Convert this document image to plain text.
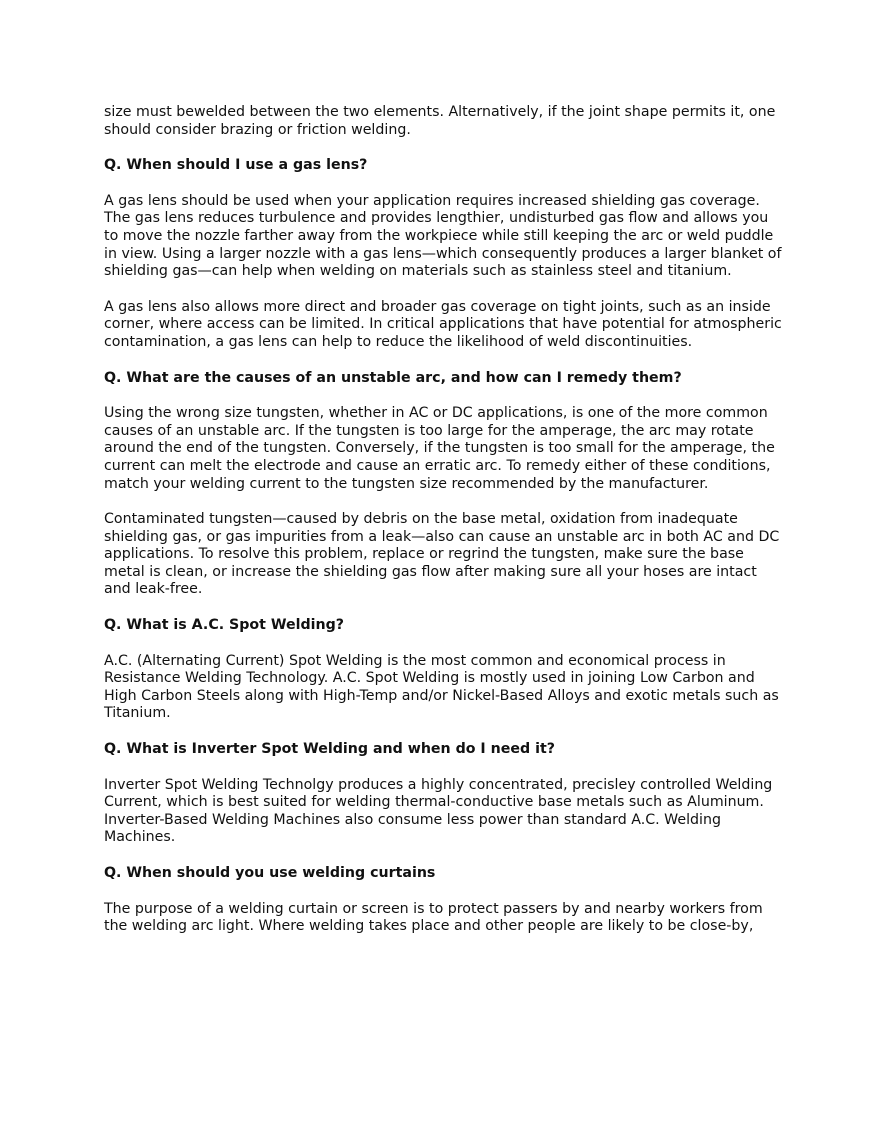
size must bewelded between the two elements. Alternatively, if the joint shape permits it, one should consider brazing or friction welding.

Q. When should I use a gas lens?

A gas lens should be used when your application requires increased shielding gas coverage. The gas lens reduces turbulence and provides lengthier, undisturbed gas flow and allows you to move the nozzle farther away from the workpiece while still keeping the arc or weld puddle in view. Using a larger nozzle with a gas lens—which consequently produces a larger blanket of shielding gas—can help when welding on materials such as stainless steel and titanium.

A gas lens also allows more direct and broader gas coverage on tight joints, such as an inside corner, where access can be limited. In critical applications that have potential for atmospheric contamination, a gas lens can help to reduce the likelihood of weld discontinuities.

Q. What are the causes of an unstable arc, and how can I remedy them?

Using the wrong size tungsten, whether in AC or DC applications, is one of the more common causes of an unstable arc. If the tungsten is too large for the amperage, the arc may rotate around the end of the tungsten. Conversely, if the tungsten is too small for the amperage, the current can melt the electrode and cause an erratic arc. To remedy either of these conditions, match your welding current to the tungsten size recommended by the manufacturer.

Contaminated tungsten—caused by debris on the base metal, oxidation from inadequate shielding gas, or gas impurities from a leak—also can cause an unstable arc in both AC and DC applications. To resolve this problem, replace or regrind the tungsten, make sure the base metal is clean, or increase the shielding gas flow after making sure all your hoses are intact and leak-free.

Q. What is A.C. Spot Welding?

A.C. (Alternating Current) Spot Welding is the most common and economical process in Resistance Welding Technology. A.C. Spot Welding is mostly used in joining Low Carbon and High Carbon Steels along with High-Temp and/or Nickel-Based Alloys and exotic metals such as Titanium.

Q. What is Inverter Spot Welding and when do I need it?

Inverter Spot Welding Technolgy produces a highly concentrated, precisley controlled Welding Current, which is best suited for welding thermal-conductive base metals such as Aluminum. Inverter-Based Welding Machines also consume less power than standard A.C. Welding Machines.

Q. When should you use welding curtains

The purpose of a welding curtain or screen is to protect passers by and nearby workers from the welding arc light. Where welding takes place and other people are likely to be close-by,
